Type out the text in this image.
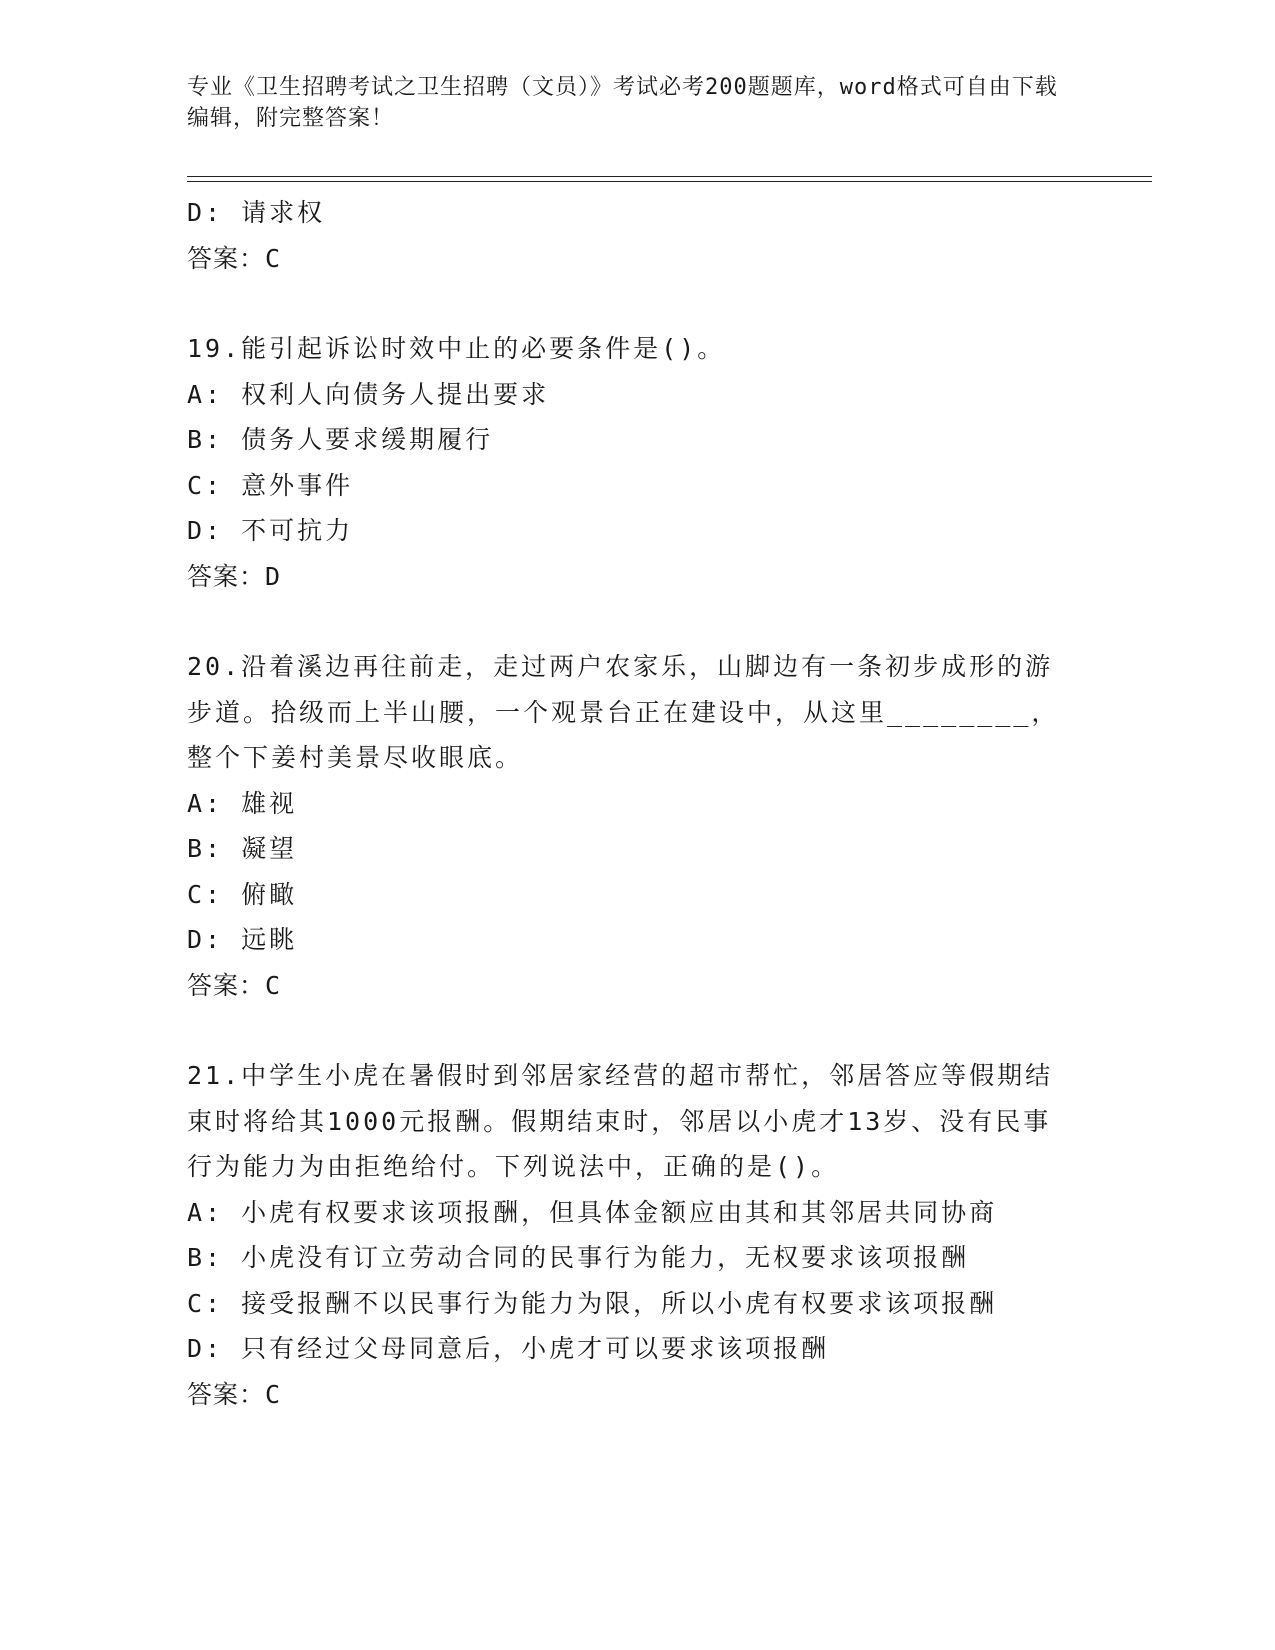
专业《卫生招聘考试之卫生招聘（文员）》考试必考200题题库，word格式可自由下载编辑，附完整答案！
D: 请求权
答案：C
19.能引起诉讼时效中止的必要条件是()。
A: 权利人向债务人提出要求
B: 债务人要求缓期履行
C: 意外事件
D: 不可抗力
答案：D
20.沿着溪边再往前走，走过两户农家乐，山脚边有一条初步成形的游步道。拾级而上半山腰，一个观景台正在建设中，从这里________，整个下姜村美景尽收眼底。
A: 雄视
B: 凝望
C: 俯瞰
D: 远眺
答案：C
21.中学生小虎在暑假时到邻居家经营的超市帮忙，邻居答应等假期结束时将给其1000元报酬。假期结束时，邻居以小虎才13岁、没有民事行为能力为由拒绝给付。下列说法中，正确的是()。
A: 小虎有权要求该项报酬，但具体金额应由其和其邻居共同协商
B: 小虎没有订立劳动合同的民事行为能力，无权要求该项报酬
C: 接受报酬不以民事行为能力为限，所以小虎有权要求该项报酬
D: 只有经过父母同意后，小虎才可以要求该项报酬
答案：C
